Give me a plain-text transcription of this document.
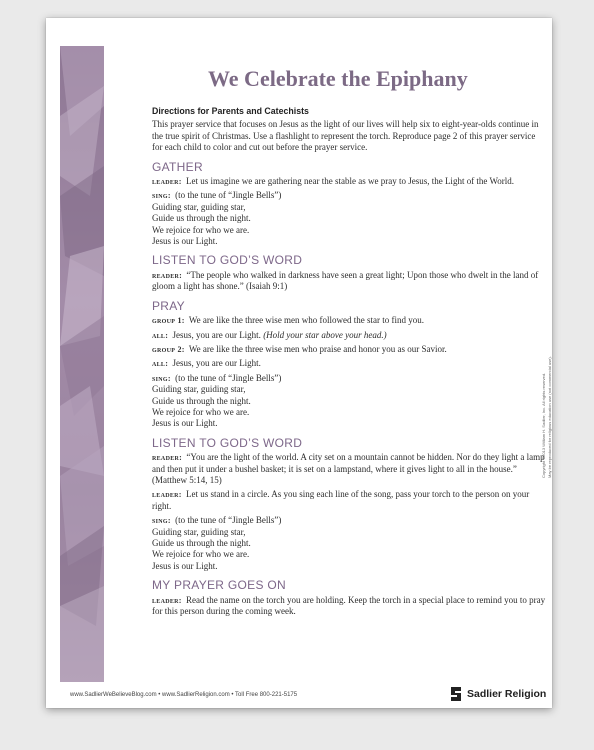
We Celebrate the Epiphany
Directions for Parents and Catechists
This prayer service that focuses on Jesus as the light of our lives will help six to eight-year-olds continue in the true spirit of Christmas. Use a flashlight to represent the torch. Reproduce page 2 of this prayer service for each child to color and cut out before the prayer service.
GATHER
leader: Let us imagine we are gathering near the stable as we pray to Jesus, the Light of the World.
sing: (to the tune of “Jingle Bells”)
Guiding star, guiding star,
Guide us through the night.
We rejoice for who we are.
Jesus is our Light.
LISTEN TO GOD’S WORD
reader: “The people who walked in darkness have seen a great light; Upon those who dwelt in the land of gloom a light has shone.” (Isaiah 9:1)
PRAY
group 1: We are like the three wise men who followed the star to find you.
all: Jesus, you are our Light. (Hold your star above your head.)
group 2: We are like the three wise men who praise and honor you as our Savior.
all: Jesus, you are our Light.
sing: (to the tune of “Jingle Bells”)
Guiding star, guiding star,
Guide us through the night.
We rejoice for who we are.
Jesus is our Light.
LISTEN TO GOD’S WORD
reader: “You are the light of the world. A city set on a mountain cannot be hidden. Nor do they light a lamp and then put it under a bushel basket; it is set on a lampstand, where it gives light to all in the house.” (Matthew 5:14, 15)
leader: Let us stand in a circle. As you sing each line of the song, pass your torch to the person on your right.
sing: (to the tune of “Jingle Bells”)
Guiding star, guiding star,
Guide us through the night.
We rejoice for who we are.
Jesus is our Light.
MY PRAYER GOES ON
leader: Read the name on the torch you are holding. Keep the torch in a special place to remind you to pray for this person during the coming week.
Copyright ©2013 William H. Sadlier, Inc. All rights reserved. May be reproduced for religious education use (not commercial use).
www.SadlierWeBelieveBlog.com • www.SadlierReligion.com • Toll Free 800-221-5175	Sadlier Religion
